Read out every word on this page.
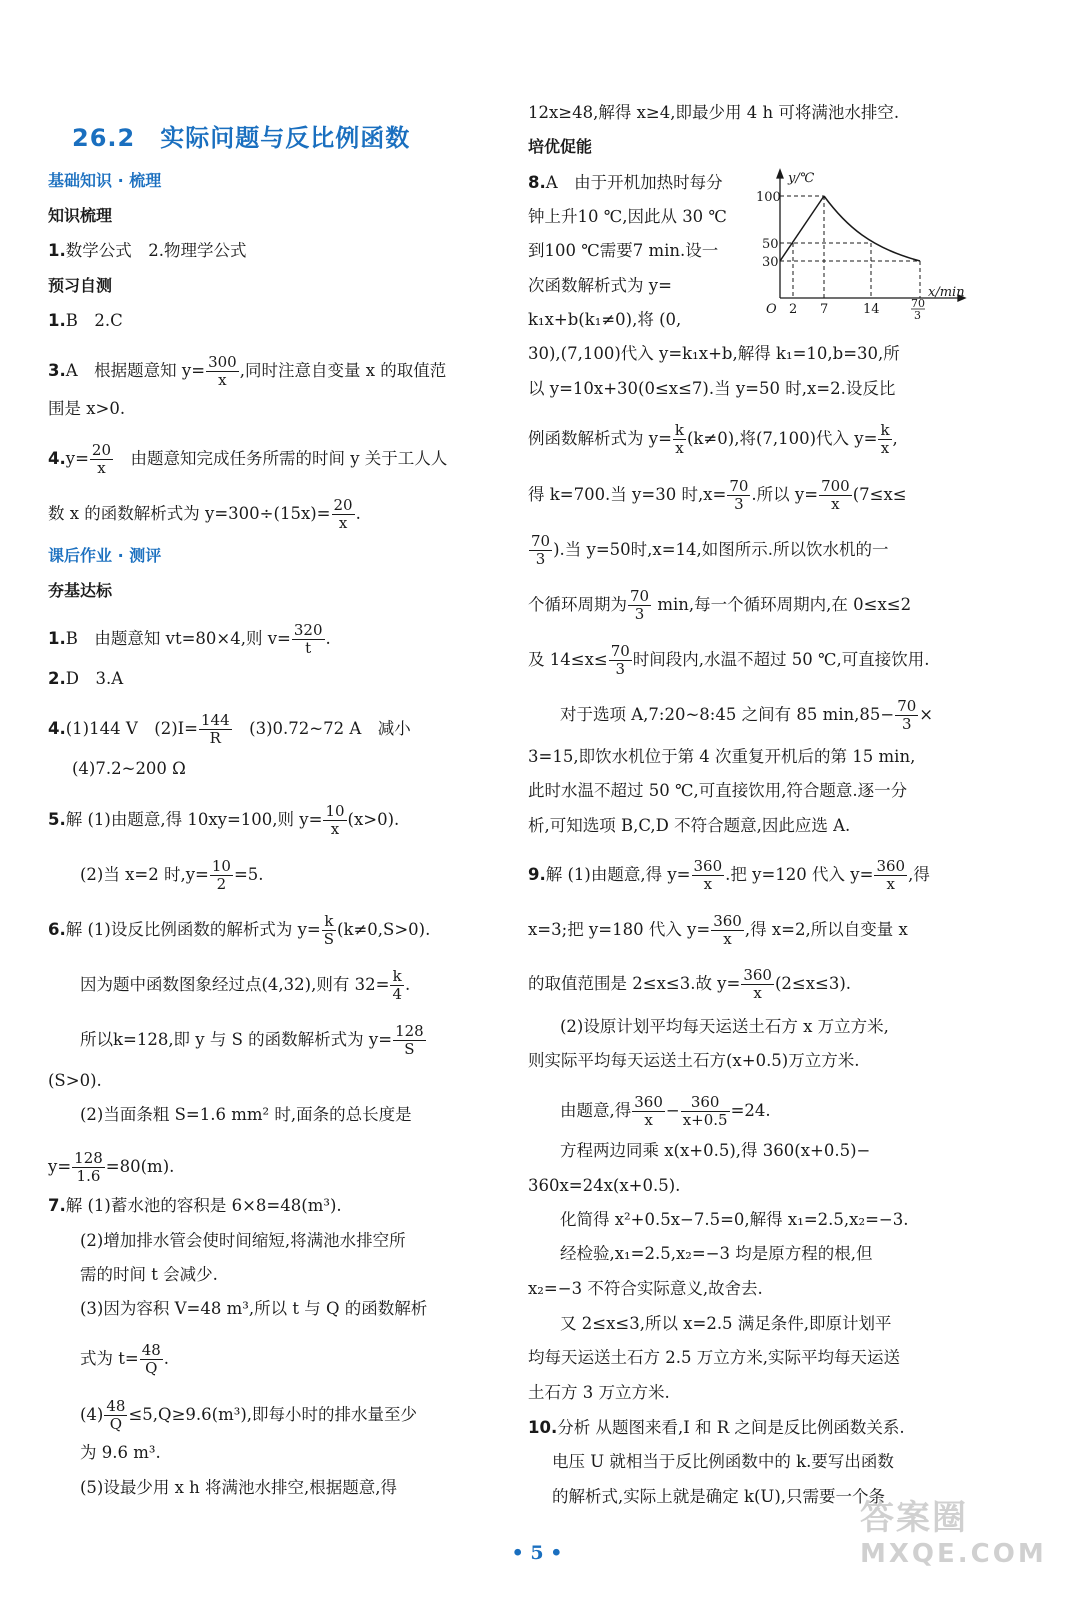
26.2　实际问题与反比例函数
基础知识 · 梳理
知识梳理
1.数学公式　2.物理学公式
预习自测
1.B　2.C
3.A　根据题意知 $y= \frac{300}{x}$ ,同时注意自变量 x 的取值范
围是 x>0.
$4.y= \frac{20}{x}$ 　由题意知完成任务所需的时间 y 关于工人人
数 x 的函数解析式为 $y=300\div(15x)= \frac{20}{x}$ .
课后作业 · 测评
夯基达标
1.B　由题意知 vt=80×4,则 $v= \frac{320}{t}$ .
2.D　3.A
4.(1)144 V　$(2)I= \frac{144}{R}$ 　(3)0.72~72 A　减小
(4)7.2~200 Ω
5.解 (1)由题意,得 10xy=100,则 $y= \frac{10}{x} (x>0)$.
(2)当 x=2 时$,y= \frac{10}{2} =5$.
6.解 (1)设反比例函数的解析式为 $y= \frac{k}{S} (k\ne 0,S>0)$.
因为题中函数图象经过点(4,32),则有 $32= \frac{k}{4}$ .
所以k=128,即 y 与 S 的函数解析式为 $y= \frac{128}{S}$
(S>0).
(2)当面条粗 S=1.6 mm² 时,面条的总长度是
$y= \frac{128}{1.6} =80(m)$.
7.解 (1)蓄水池的容积是 6×8=48(m³).
(2)增加排水管会使时间缩短,将满池水排空所
需的时间 t 会减少.
(3)因为容积 V=48 m³,所以 t 与 Q 的函数解析
式为 $t= \frac{48}{Q}$ .
$(4) \frac{48}{Q} \le 5,Q\ge 9.6(m^3)$,即每小时的排水量至少
为 9.6 m³.
(5)设最少用 x h 将满池水排空,根据题意,得
12x≥48,解得 x≥4,即最少用 4 h 可将满池水排空.
培优促能
8.A　由于开机加热时每分
钟上升10 ℃,因此从 30 ℃
到100 ℃需要7 min.设一
次函数解析式为 y=
k₁x+b(k₁≠0),将 (0,
y/℃
x/min
O
100
50
30
2 7	14	70
3
30),(7,100)代入 y=k₁x+b,解得 k₁=10,b=30,所
以 y=10x+30(0≤x≤7).当 y=50 时,x=2.设反比
例函数解析式为 $y= \frac{k}{x} (k\ne 0)$,将(7,100)代入 $y= \frac{k}{x}$ ,
得 k=700.当 y=30 时$,x= \frac{70}{3}$ .所以 $y= \frac{700}{x} (7\le x\le$
$\frac{70}{3}$ ).当 y=50时,x=14,如图所示.所以饮水机的一
个循环周期为 $\frac{70}{3} \min$,每一个循环周期内,在 0≤x≤2
及 $14\le x\le \frac{70}{3}$ 时间段内,水温不超过 50 ℃,可直接饮用.
对于选项 A,7:20~8:45 之间有 85 $\min,85- \frac{70}{3}$ ×
3=15,即饮水机位于第 4 次重复开机后的第 15 min,
此时水温不超过 50 ℃,可直接饮用,符合题意.逐一分
析,可知选项 B,C,D 不符合题意,因此应选 A.
9.解 (1)由题意,得 $y= \frac{360}{x}$ .把 y=120 代入 $y= \frac{360}{x}$ ,得
x=3;把 y=180 代入 $y= \frac{360}{x}$ ,得 x=2,所以自变量 x
的取值范围是 2≤x≤3.故 $y= \frac{360}{x} (2\le x\le 3)$.
(2)设原计划平均每天运送土石方 x 万立方米,
则实际平均每天运送土石方(x+0.5)万立方米.
由题意,得 $\frac{360}{x} - \frac{360}{x+0.5} =24$.
方程两边同乘 x(x+0.5),得 360(x+0.5)−
360x=24x(x+0.5).
化简得 x²+0.5x−7.5=0,解得 x₁=2.5,x₂=−3.
经检验,x₁=2.5,x₂=−3 均是原方程的根,但
x₂=−3 不符合实际意义,故舍去.
又 2≤x≤3,所以 x=2.5 满足条件,即原计划平
均每天运送土石方 2.5 万立方米,实际平均每天运送
土石方 3 万立方米.
10.分析 从题图来看,I 和 R 之间是反比例函数关系.
电压 U 就相当于反比例函数中的 k.要写出函数
的解析式,实际上就是确定 k(U),只需要一个条
• 5 •
答案圈
MXQE.COM
